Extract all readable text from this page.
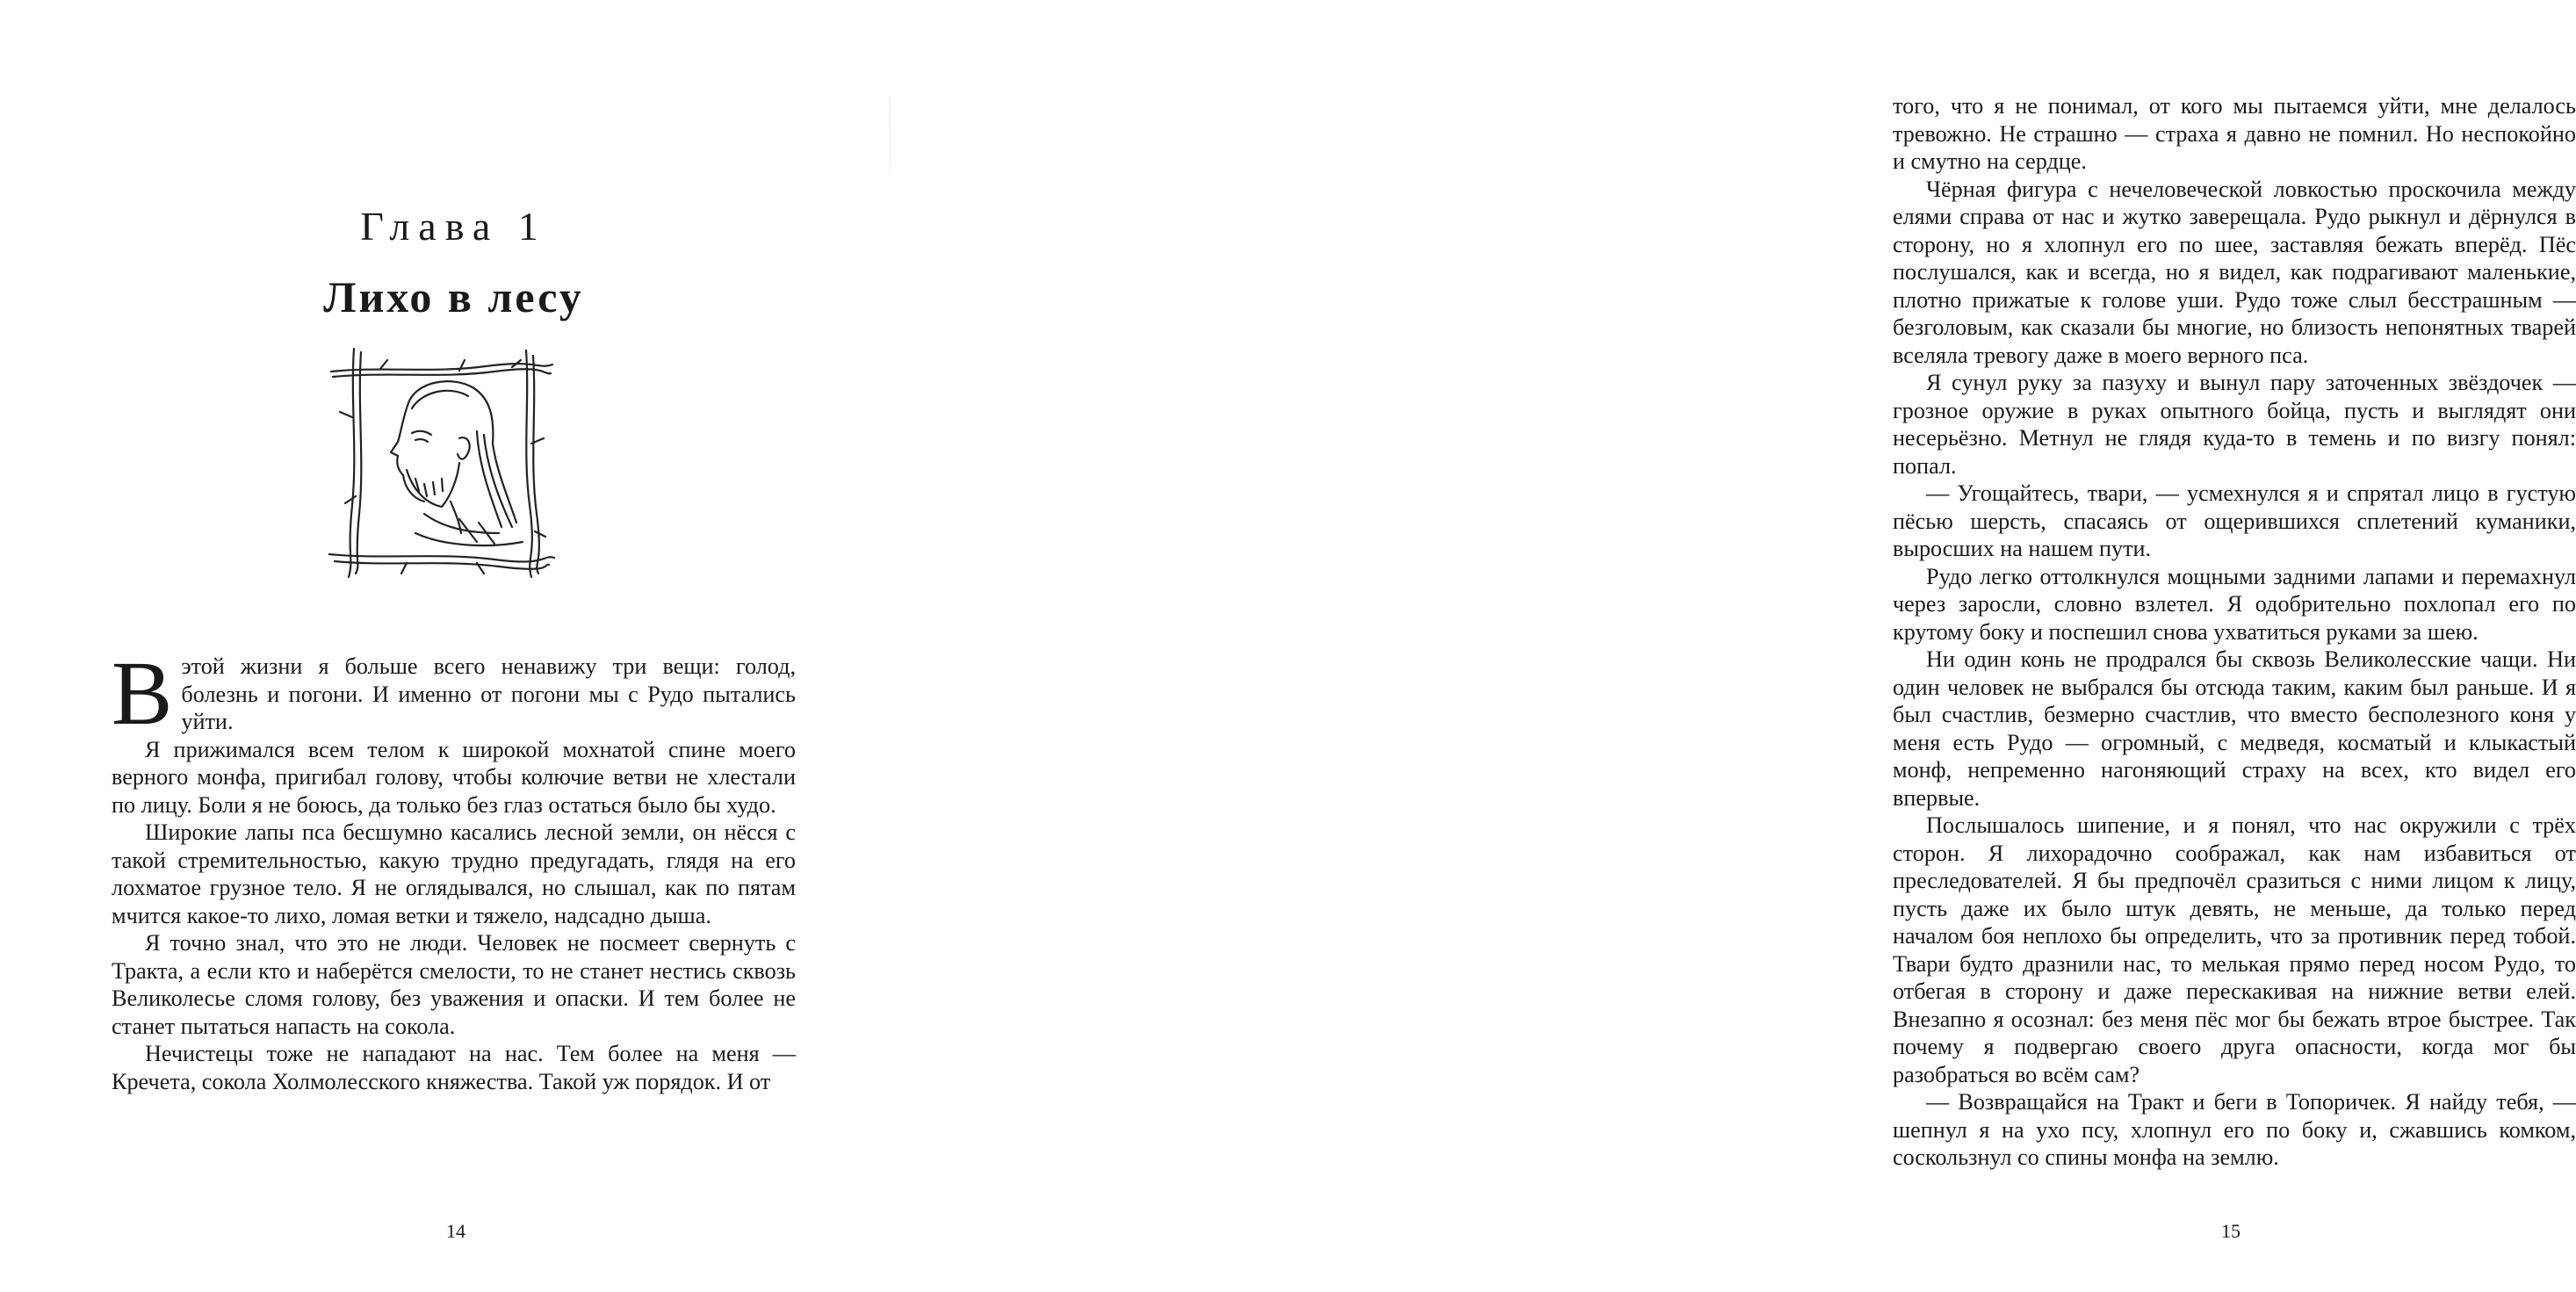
Глава 1
Лихо в лесу

Вэтой жизни я больше всего ненавижу три вещи: голод, болезнь и погони. И именно от погони мы с Рудо пытались уйти.

Я прижимался всем телом к широкой мохнатой спине моего верного монфа, пригибал голову, чтобы колючие ветви не хлестали по лицу. Боли я не боюсь, да только без глаз остаться было бы худо.

Широкие лапы пса бесшумно касались лесной земли, он нёсся с такой стремительностью, какую трудно предугадать, глядя на его лохматое грузное тело. Я не оглядывался, но слышал, как по пятам мчится какое-то лихо, ломая ветки и тяжело, надсадно дыша.

Я точно знал, что это не люди. Человек не посмеет свернуть с Тракта, а если кто и наберётся смелости, то не станет нестись сквозь Великолесье сломя голову, без уважения и опаски. И тем более не станет пытаться напасть на сокола.

Нечистецы тоже не нападают на нас. Тем более на меня — Кречета, сокола Холмолесского княжества. Такой уж порядок. И от

14

того, что я не понимал, от кого мы пытаемся уйти, мне делалось тревожно. Не страшно — страха я давно не помнил. Но неспокойно и смутно на сердце.

Чёрная фигура с нечеловеческой ловкостью проскочила между елями справа от нас и жутко заверещала. Рудо рыкнул и дёрнулся в сторону, но я хлопнул его по шее, заставляя бежать вперёд. Пёс послушался, как и всегда, но я видел, как подрагивают маленькие, плотно прижатые к голове уши. Рудо тоже слыл бесстрашным — безголовым, как сказали бы многие, но близость непонятных тварей вселяла тревогу даже в моего верного пса.

Я сунул руку за пазуху и вынул пару заточенных звёздочек — грозное оружие в руках опытного бойца, пусть и выглядят они несерьёзно. Метнул не глядя куда-то в темень и по визгу понял: попал.

— Угощайтесь, твари, — усмехнулся я и спрятал лицо в густую пёсью шерсть, спасаясь от ощерившихся сплетений куманики, выросших на нашем пути.

Рудо легко оттолкнулся мощными задними лапами и перемахнул через заросли, словно взлетел. Я одобрительно похлопал его по крутому боку и поспешил снова ухватиться руками за шею.

Ни один конь не продрался бы сквозь Великолесские чащи. Ни один человек не выбрался бы отсюда таким, каким был раньше. И я был счастлив, безмерно счастлив, что вместо бесполезного коня у меня есть Рудо — огромный, с медведя, косматый и клыкастый монф, непременно нагоняющий страху на всех, кто видел его впервые.

Послышалось шипение, и я понял, что нас окружили с трёх сторон. Я лихорадочно соображал, как нам избавиться от преследователей. Я бы предпочёл сразиться с ними лицом к лицу, пусть даже их было штук девять, не меньше, да только перед началом боя неплохо бы определить, что за противник перед тобой. Твари будто дразнили нас, то мелькая прямо перед носом Рудо, то отбегая в сторону и даже перескакивая на нижние ветви елей. Внезапно я осознал: без меня пёс мог бы бежать втрое быстрее. Так почему я подвергаю своего друга опасности, когда мог бы разобраться во всём сам?

— Возвращайся на Тракт и беги в Топоричек. Я найду тебя, — шепнул я на ухо псу, хлопнул его по боку и, сжавшись комком, соскользнул со спины монфа на землю.

15
